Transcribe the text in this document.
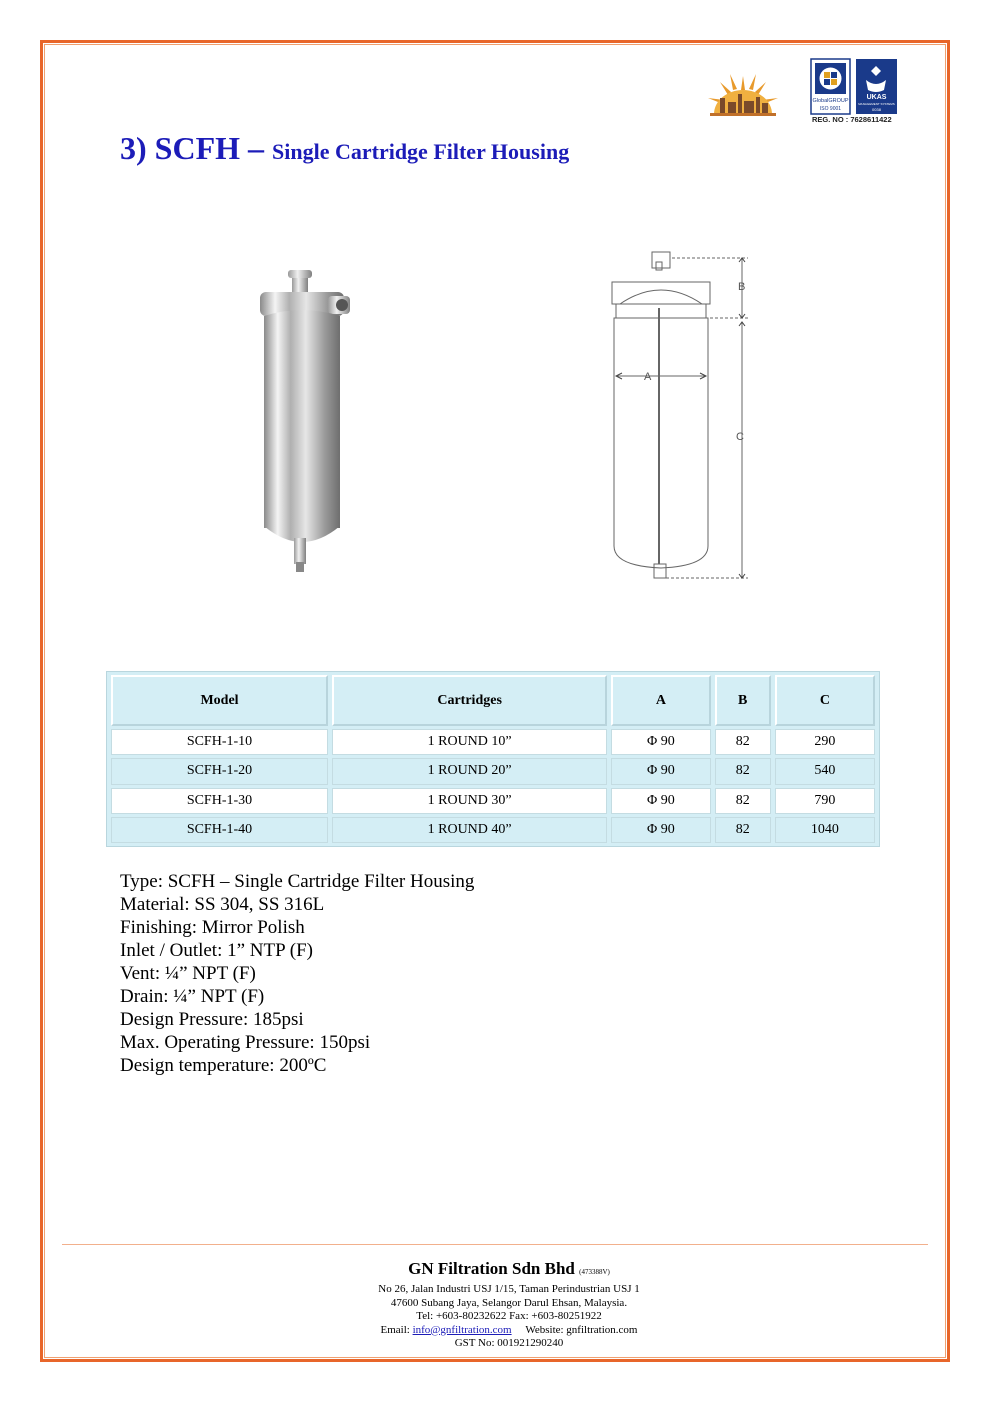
GlobalGROUP
ISO 9001
UKAS
MANAGEMENT SYSTEMS
0038
REG. NO : 7628611422
3) SCFH – Single Cartridge Filter Housing
B
A
C
Model	Cartridges	A	B	C
SCFH-1-10	1 ROUND 10”	Φ 90	82	290
SCFH-1-20	1 ROUND 20”	Φ 90	82	540
SCFH-1-30	1 ROUND 30”	Φ 90	82	790
SCFH-1-40	1 ROUND 40”	Φ 90	82	1040
Type: SCFH – Single Cartridge Filter Housing
Material: SS 304, SS 316L
Finishing: Mirror Polish
Inlet / Outlet: 1” NTP (F)
Vent: ¼” NPT (F)
Drain: ¼” NPT (F)
Design Pressure: 185psi
Max. Operating Pressure: 150psi
Design temperature: 200ºC
GN Filtration Sdn Bhd (473388V)
No 26, Jalan Industri USJ 1/15, Taman Perindustrian USJ 1
47600 Subang Jaya, Selangor Darul Ehsan, Malaysia.
Tel: +603-80232622 Fax: +603-80251922
Email: info@gnfiltration.com Website: gnfiltration.com
GST No: 001921290240
